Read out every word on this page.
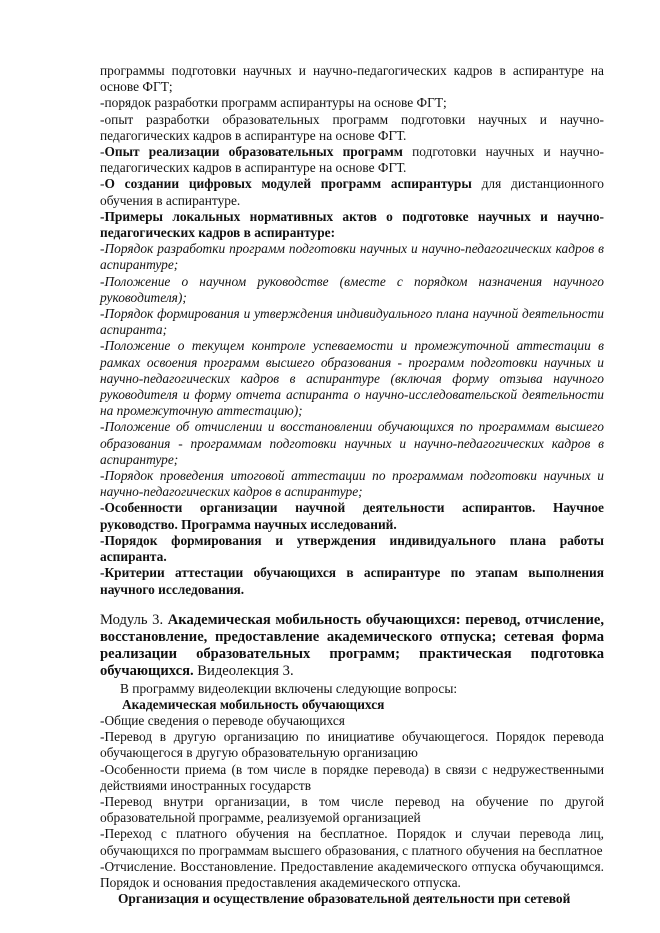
программы подготовки научных и научно-педагогических кадров в аспирантуре на основе ФГТ;

-порядок разработки программ аспирантуры на основе ФГТ;

-опыт разработки образовательных программ подготовки научных и научно-педагогических кадров в аспирантуре на основе ФГТ.

-Опыт реализации образовательных программ подготовки научных и научно-педагогических кадров в аспирантуре на основе ФГТ.

-О создании цифровых модулей программ аспирантуры для дистанционного обучения в аспирантуре.

-Примеры локальных нормативных актов о подготовке научных и научно-педагогических кадров в аспирантуре:

-Порядок разработки программ подготовки научных и научно-педагогических кадров в аспирантуре;

-Положение о научном руководстве (вместе с порядком назначения научного руководителя);

-Порядок формирования и утверждения индивидуального плана научной деятельности аспиранта;

-Положение о текущем контроле успеваемости и промежуточной аттестации в рамках освоения программ высшего образования - программ подготовки научных и научно-педагогических кадров в аспирантуре (включая форму отзыва научного руководителя и форму отчета аспиранта о научно-исследовательской деятельности на промежуточную аттестацию);

-Положение об отчислении и восстановлении обучающихся по программам высшего образования - программам подготовки научных и научно-педагогических кадров в аспирантуре;

-Порядок проведения итоговой аттестации по программам подготовки научных и научно-педагогических кадров в аспирантуре;

-Особенности организации научной деятельности аспирантов. Научное руководство. Программа научных исследований.

-Порядок формирования и утверждения индивидуального плана работы аспиранта.

-Критерии аттестации обучающихся в аспирантуре по этапам выполнения научного исследования.

Модуль 3. Академическая мобильность обучающихся: перевод, отчисление, восстановление, предоставление академического отпуска; сетевая форма реализации образовательных программ; практическая подготовка обучающихся. Видеолекция 3.

В программу видеолекции включены следующие вопросы:

Академическая мобильность обучающихся

-Общие сведения о переводе обучающихся

-Перевод в другую организацию по инициативе обучающегося. Порядок перевода обучающегося в другую образовательную организацию

-Особенности приема (в том числе в порядке перевода) в связи с недружественными действиями иностранных государств

-Перевод внутри организации, в том числе перевод на обучение по другой образовательной программе, реализуемой организацией

-Переход с платного обучения на бесплатное. Порядок и случаи перевода лиц, обучающихся по программам высшего образования, с платного обучения на бесплатное

-Отчисление. Восстановление. Предоставление академического отпуска обучающимся. Порядок и основания предоставления академического отпуска.

Организация и осуществление образовательной деятельности при сетевой
